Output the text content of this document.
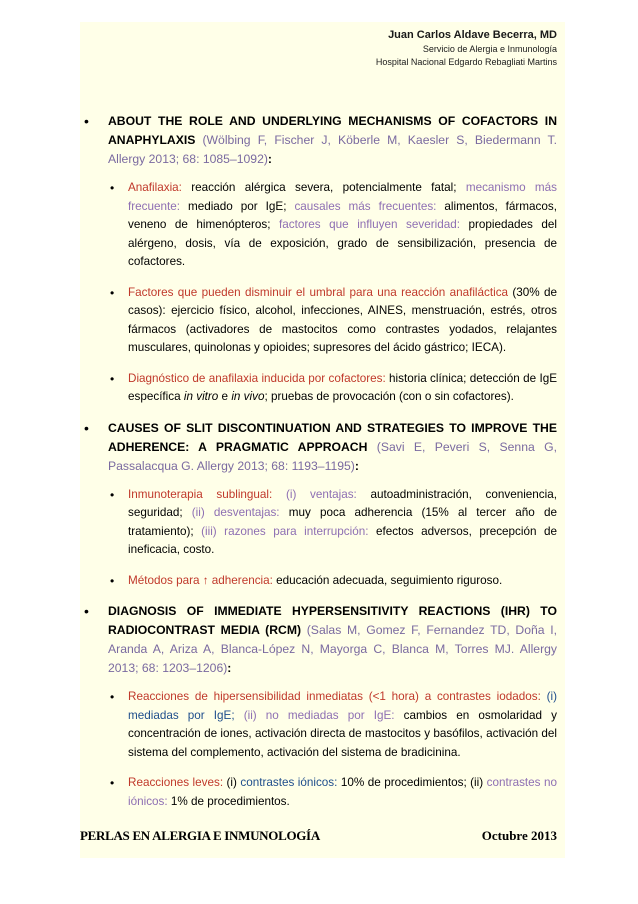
Juan Carlos Aldave Becerra, MD
Servicio de Alergia e Inmunología
Hospital Nacional Edgardo Rebagliati Martins
• ABOUT THE ROLE AND UNDERLYING MECHANISMS OF COFACTORS IN ANAPHYLAXIS (Wölbing F, Fischer J, Köberle M, Kaesler S, Biedermann T. Allergy 2013; 68: 1085–1092):
• Anafilaxia: reacción alérgica severa, potencialmente fatal; mecanismo más frecuente: mediado por IgE; causales más frecuentes: alimentos, fármacos, veneno de himenópteros; factores que influyen severidad: propiedades del alérgeno, dosis, vía de exposición, grado de sensibilización, presencia de cofactores.
• Factores que pueden disminuir el umbral para una reacción anafiláctica (30% de casos): ejercicio físico, alcohol, infecciones, AINES, menstruación, estrés, otros fármacos (activadores de mastocitos como contrastes yodados, relajantes musculares, quinolonas y opioides; supresores del ácido gástrico; IECA).
• Diagnóstico de anafilaxia inducida por cofactores: historia clínica; detección de IgE específica in vitro e in vivo; pruebas de provocación (con o sin cofactores).
• CAUSES OF SLIT DISCONTINUATION AND STRATEGIES TO IMPROVE THE ADHERENCE: A PRAGMATIC APPROACH (Savi E, Peveri S, Senna G, Passalacqua G. Allergy 2013; 68: 1193–1195):
• Inmunoterapia sublingual: (i) ventajas: autoadministración, conveniencia, seguridad; (ii) desventajas: muy poca adherencia (15% al tercer año de tratamiento); (iii) razones para interrupción: efectos adversos, precepción de ineficacia, costo.
• Métodos para ↑ adherencia: educación adecuada, seguimiento riguroso.
• DIAGNOSIS OF IMMEDIATE HYPERSENSITIVITY REACTIONS (IHR) TO RADIOCONTRAST MEDIA (RCM) (Salas M, Gomez F, Fernandez TD, Doña I, Aranda A, Ariza A, Blanca-López N, Mayorga C, Blanca M, Torres MJ. Allergy 2013; 68: 1203–1206):
• Reacciones de hipersensibilidad inmediatas (<1 hora) a contrastes iodados: (i) mediadas por IgE; (ii) no mediadas por IgE: cambios en osmolaridad y concentración de iones, activación directa de mastocitos y basófilos, activación del sistema del complemento, activación del sistema de bradicinina.
• Reacciones leves: (i) contrastes iónicos: 10% de procedimientos; (ii) contrastes no iónicos: 1% de procedimientos.
PERLAS EN ALERGIA E INMUNOLOGÍA	Octubre 2013
